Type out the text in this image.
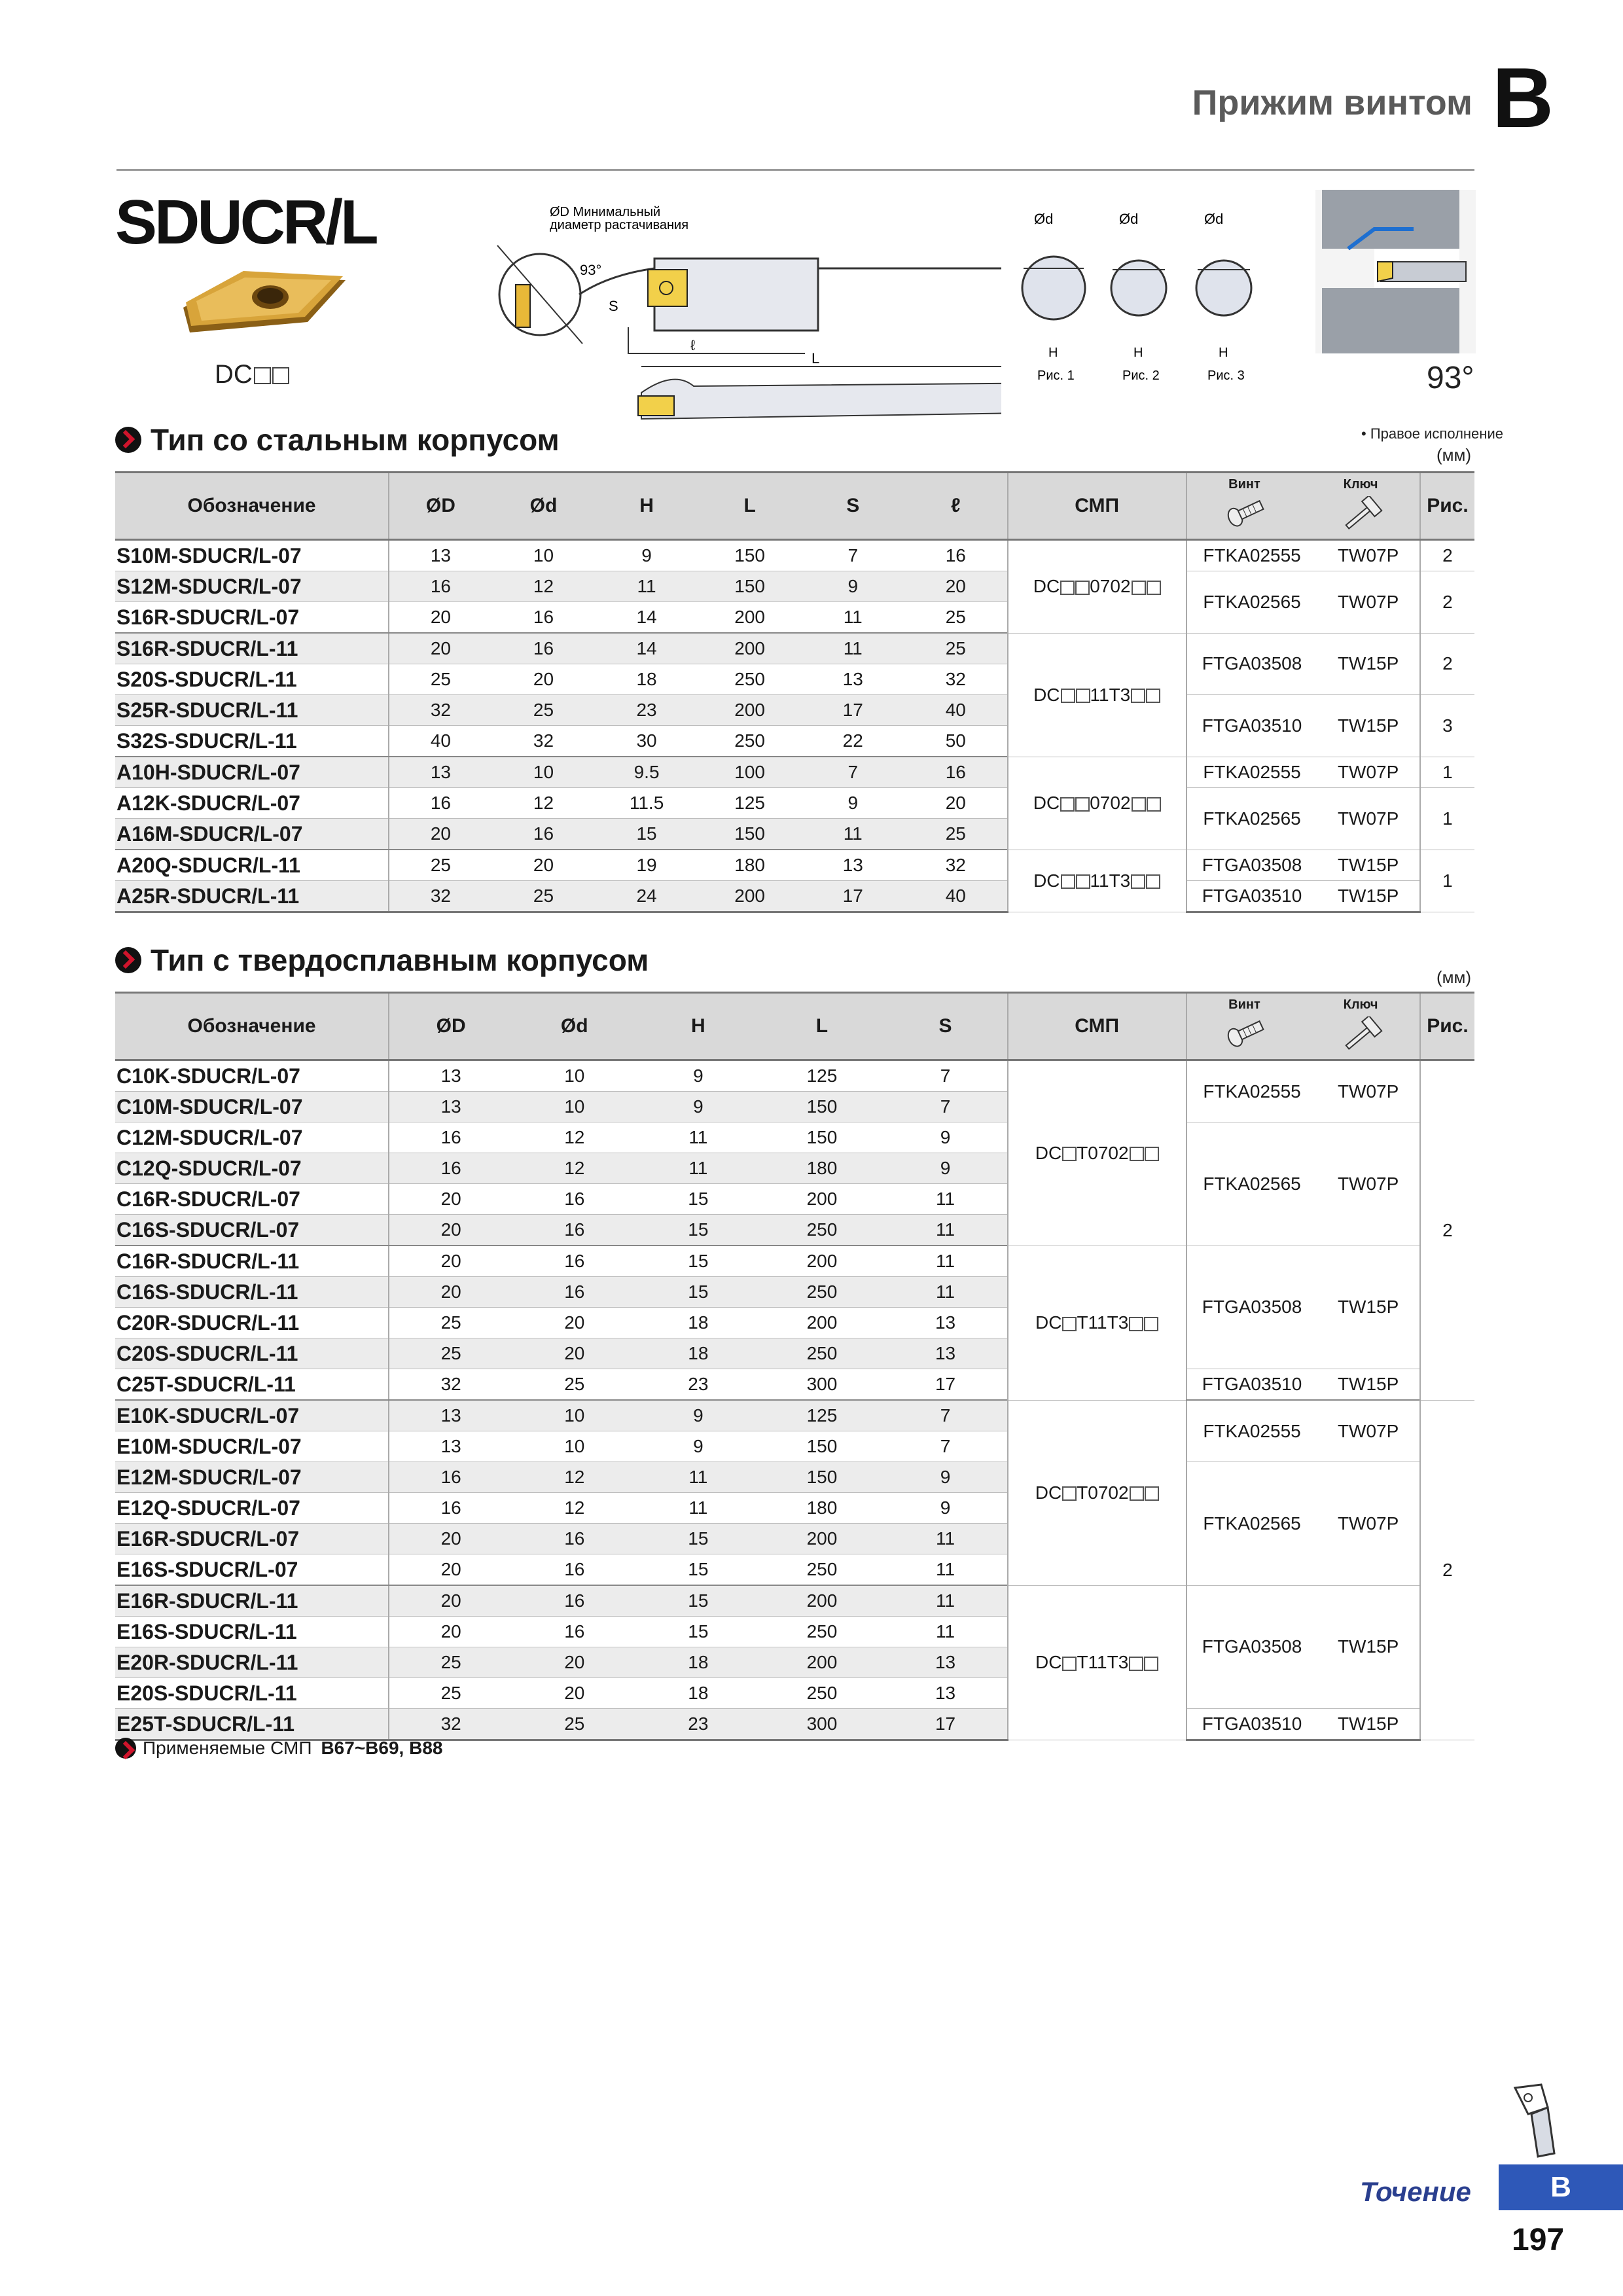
Прижим винтом B
SDUCR/L
DC
ØD Минимальный
диаметр растачивания
93°
S
ℓ
L
Ød
H
Рис. 1
Ød
H
Рис. 2
Ød
H
Рис. 3	93°
Тип со стальным корпусом	• Правое исполнение
(мм)
Обозначение	ØD	Ød	H	L	S	ℓ	СМП	Винт Ключ		Рис.
S10M-SDUCR/L-07	13	10	9	150	7	16	DC 0702	FTKA02555	TW07P	2
S12M-SDUCR/L-07	16	12	11	150	9	20		FTKA02565	TW07P	2
S16R-SDUCR/L-07	20	16	14	200	11	25				
S16R-SDUCR/L-11	20	16	14	200	11	25	DC 11T3	FTGA03508	TW15P	2
S20S-SDUCR/L-11	25	20	18	250	13	32				
S25R-SDUCR/L-11	32	25	23	200	17	40		FTGA03510	TW15P	3
S32S-SDUCR/L-11	40	32	30	250	22	50				
A10H-SDUCR/L-07	13	10	9.5	100	7	16	DC 0702	FTKA02555	TW07P	1
A12K-SDUCR/L-07	16	12	11.5	125	9	20		FTKA02565	TW07P	1
A16M-SDUCR/L-07	20	16	15	150	11	25				
A20Q-SDUCR/L-11	25	20	19	180	13	32	DC 11T3	FTGA03508	TW15P	1
A25R-SDUCR/L-11	32	25	24	200	17	40		FTGA03510	TW15P	
Тип с твердосплавным корпусом	(мм)
Обозначение	ØD	Ød	H	L	S	СМП	Винт Ключ		Рис.
C10K-SDUCR/L-07	13	10	9	125	7	DC T0702	FTKA02555	TW07P	2
C10M-SDUCR/L-07	13	10	9	150	7				
C12M-SDUCR/L-07	16	12	11	150	9		FTKA02565	TW07P	
C12Q-SDUCR/L-07	16	12	11	180	9				
C16R-SDUCR/L-07	20	16	15	200	11				
C16S-SDUCR/L-07	20	16	15	250	11				
C16R-SDUCR/L-11	20	16	15	200	11	DC T11T3	FTGA03508	TW15P	
C16S-SDUCR/L-11	20	16	15	250	11				
C20R-SDUCR/L-11	25	20	18	200	13				
C20S-SDUCR/L-11	25	20	18	250	13				
C25T-SDUCR/L-11	32	25	23	300	17		FTGA03510	TW15P	
E10K-SDUCR/L-07	13	10	9	125	7	DC T0702	FTKA02555	TW07P	2
E10M-SDUCR/L-07	13	10	9	150	7				
E12M-SDUCR/L-07	16	12	11	150	9		FTKA02565	TW07P	
E12Q-SDUCR/L-07	16	12	11	180	9				
E16R-SDUCR/L-07	20	16	15	200	11				
E16S-SDUCR/L-07	20	16	15	250	11				
E16R-SDUCR/L-11	20	16	15	200	11	DC T11T3	FTGA03508	TW15P	
E16S-SDUCR/L-11	20	16	15	250	11				
E20R-SDUCR/L-11	25	20	18	200	13				
E20S-SDUCR/L-11	25	20	18	250	13				
E25T-SDUCR/L-11	32	25	23	300	17		FTGA03510	TW15P	
Применяемые СМП B67~B69, B88
Точение	B
197
